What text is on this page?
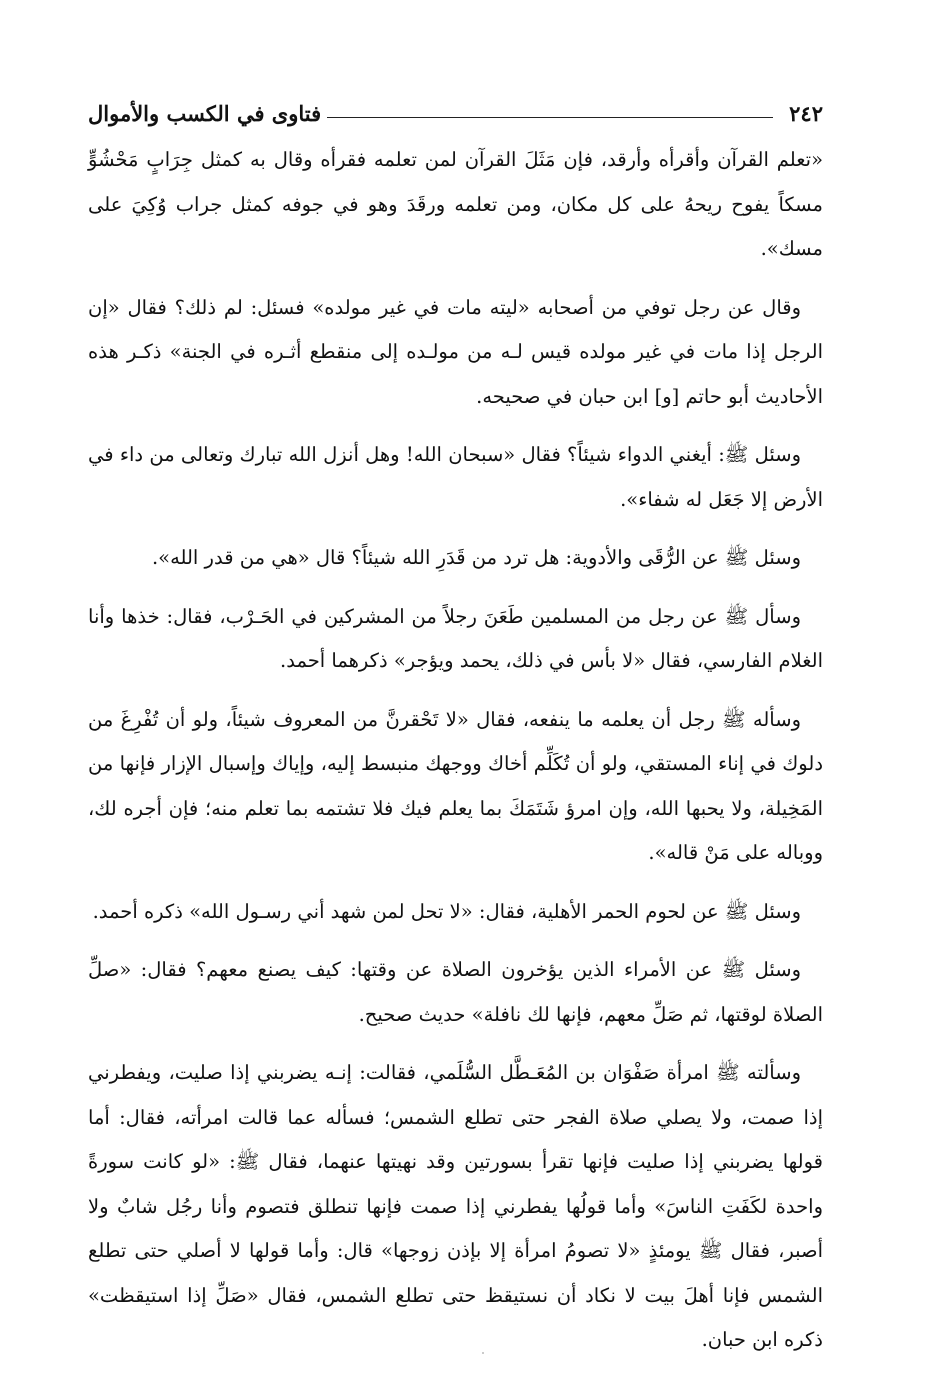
٢٤٢
فتاوى في الكسب والأموال

«تعلم القرآن وأقرأه وأرقد، فإن مَثَلَ القرآن لمن تعلمه فقرأه وقال به كمثل جِرَابٍ مَحْشُوٍّ مسكاً يفوح ريحهُ على كل مكان، ومن تعلمه ورقَدَ وهو في جوفه كمثل جراب وُكِيَ على مسك».

وقال عن رجل توفي من أصحابه «ليته مات في غير مولده» فسئل: لم ذلك؟ فقال «إن الرجل إذا مات في غير مولده قيس لـه من مولـده إلى منقطع أثـره في الجنة» ذكـر هذه الأحاديث أبو حاتم [و] ابن حبان في صحيحه.

وسئل ﷺ: أيغني الدواء شيئاً؟ فقال «سبحان الله! وهل أنزل الله تبارك وتعالى من داء في الأرض إلا جَعَل له شفاء».

وسئل ﷺ عن الرُّقَى والأدوية: هل ترد من قَدَرِ الله شيئاً؟ قال «هي من قدر الله».

وسأل ﷺ عن رجل من المسلمين طَعَنَ رجلاً من المشركين في الحَـرْب، فقال: خذها وأنا الغلام الفارسي، فقال «لا بأس في ذلك، يحمد ويؤجر» ذكرهما أحمد.

وسأله ﷺ رجل أن يعلمه ما ينفعه، فقال «لا تَحْقرنَّ من المعروف شيئاً، ولو أن تُفْرِغَ من دلوك في إناء المستقي، ولو أن تُكَلِّم أخاك ووجهك منبسط إليه، وإياك وإسبال الإزار فإنها من المَخِيلة، ولا يحبها الله، وإن امرؤ شَتَمَكَ بما يعلم فيك فلا تشتمه بما تعلم منه؛ فإن أجره لك، ووباله على مَنْ قاله».

وسئل ﷺ عن لحوم الحمر الأهلية، فقال: «لا تحل لمن شهد أني رسـول الله» ذكره أحمد.

وسئل ﷺ عن الأمراء الذين يؤخرون الصلاة عن وقتها: كيف يصنع معهم؟ فقال: «صلِّ الصلاة لوقتها، ثم صَلِّ معهم، فإنها لك نافلة» حديث صحيح.

وسألته ﷺ امرأة صَفْوَان بن المُعَـطَّل السُّلَمي، فقالت: إنـه يضربني إذا صليت، ويفطرني إذا صمت، ولا يصلي صلاة الفجر حتى تطلع الشمس؛ فسأله عما قالت امرأته، فقال: أما قولها يضربني إذا صليت فإنها تقرأ بسورتين وقد نهيتها عنهما، فقال ﷺ: «لو كانت سورةً واحدة لكَفَتِ الناسَ» وأما قولُها يفطرني إذا صمت فإنها تنطلق فتصوم وأنا رجُل شابٌ ولا أصبر، فقال ﷺ يومئذٍ «لا تصومُ امرأة إلا بإذن زوجها» قال: وأما قولها لا أصلي حتى تطلع الشمس فإنا أهلَ بيت لا نكاد أن نستيقظ حتى تطلع الشمس، فقال «صَلِّ إذا استيقظت» ذكره ابن حبان.
